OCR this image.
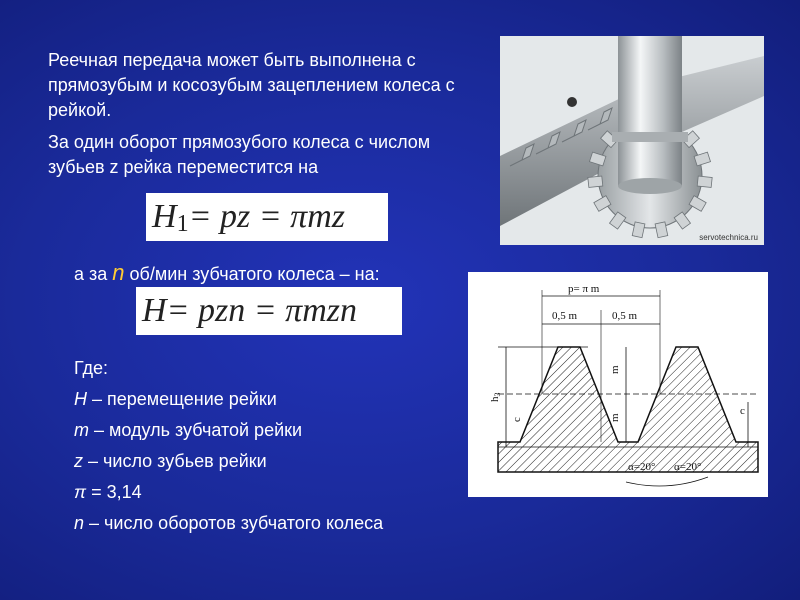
Реечная передача может быть выполнена с прямозубым и косозубым зацеплением колеса с рейкой.
За один оборот прямозубого колеса с числом зубьев z рейка переместится на
H1= pz = πmz
а за n об/мин зубчатого колеса – на:
H= pzn = πmzn
Где:
H – перемещение рейки
m – модуль зубчатой рейки
z – число зубьев рейки
π = 3,14
n – число оборотов зубчатого колеса
servotechnica.ru
p= π m
0,5 m	0,5 m
m
m
h3
c
c
α=20° α=20°
